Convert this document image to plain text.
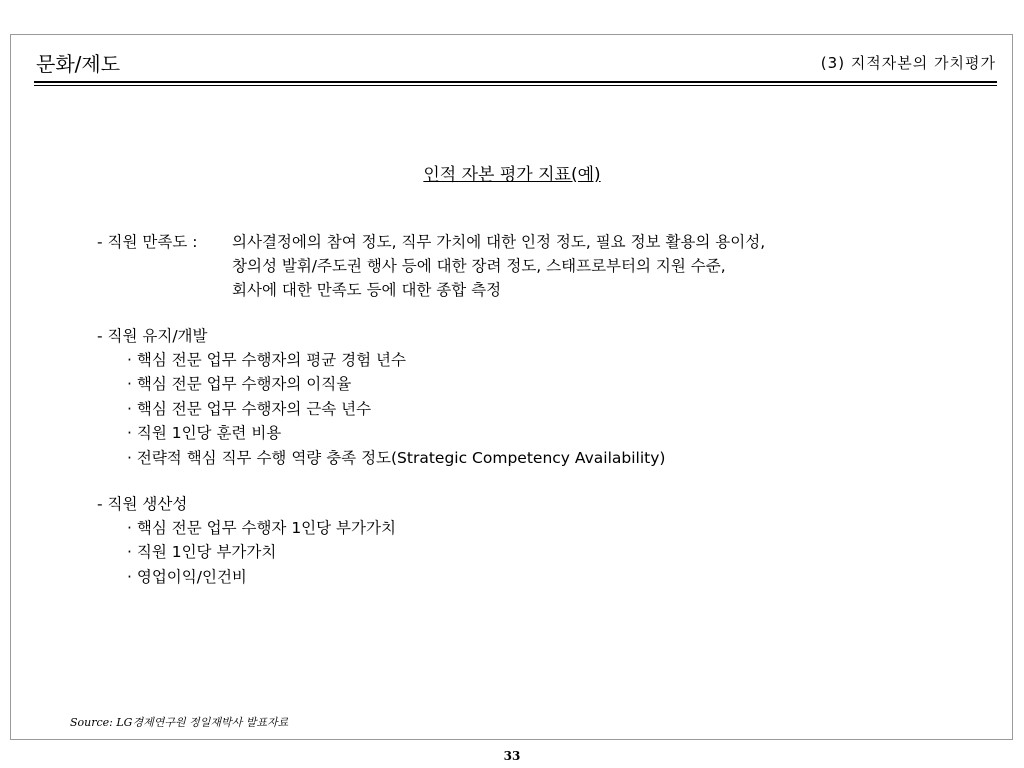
문화/제도	(3) 지적자본의 가치평가
인적 자본 평가 지표(예)
- 직원 만족도 : 의사결정에의 참여 정도, 직무 가치에 대한 인정 정도, 필요 정보 활용의 용이성,
창의성 발휘/주도권 행사 등에 대한 장려 정도, 스태프로부터의 지원 수준,
회사에 대한 만족도 등에 대한 종합 측정
- 직원 유지/개발
· 핵심 전문 업무 수행자의 평균 경험 년수
· 핵심 전문 업무 수행자의 이직율
· 핵심 전문 업무 수행자의 근속 년수
· 직원 1인당 훈련 비용
· 전략적 핵심 직무 수행 역량 충족 정도(Strategic Competency Availability)
- 직원 생산성
· 핵심 전문 업무 수행자 1인당 부가가치
· 직원 1인당 부가가치
· 영업이익/인건비
Source: LG경제연구원 정일재박사 발표자료
33
